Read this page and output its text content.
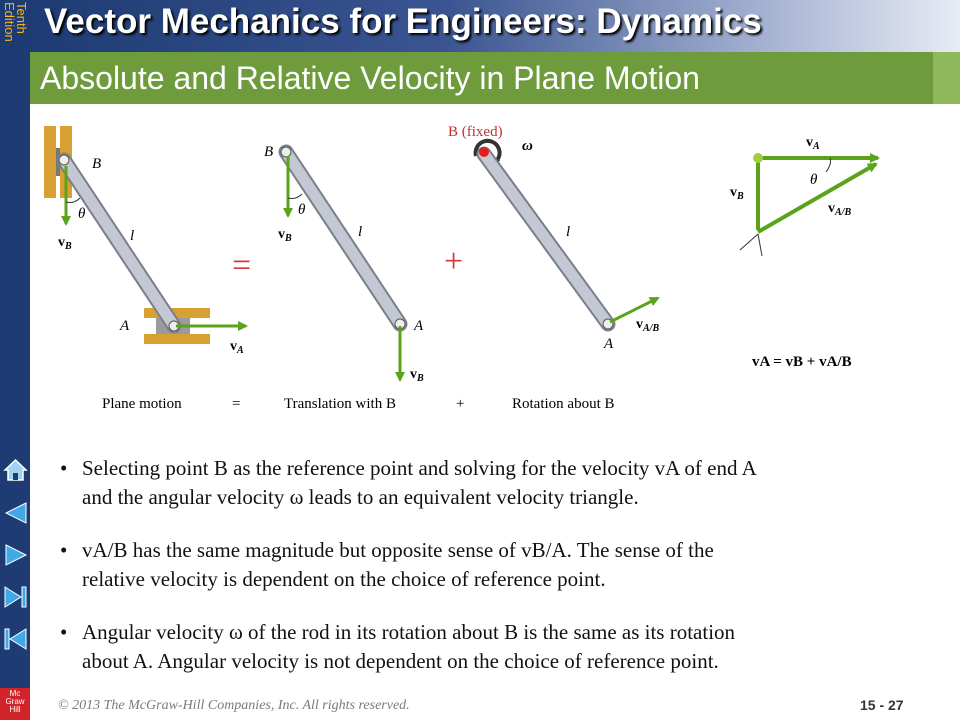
Tenth
Edition
Mc
Graw
Hill
Vector Mechanics for Engineers: Dynamics
Absolute and Relative Velocity in Plane Motion
B
θ
l
$v_B$
A
$v_A$
=
B
θ
l
$v_B$
A
$v_B$
+
B (fixed)
ω
l
A
$v_{A/B}$
$v_A$
$v_B$
θ
$v_{A/B}$
vA = vB + vA/B
Plane motion	=	Translation with B	+	Rotation about B
• Selecting point B as the reference point and solving for the velocity vA of end A
and the angular velocity ω leads to an equivalent velocity triangle.
• vA/B has the same magnitude but opposite sense of vB/A. The sense of the
relative velocity is dependent on the choice of reference point.
• Angular velocity ω of the rod in its rotation about B is the same as its rotation
about A. Angular velocity is not dependent on the choice of reference point.
© 2013 The McGraw-Hill Companies, Inc. All rights reserved.	15 - 27
